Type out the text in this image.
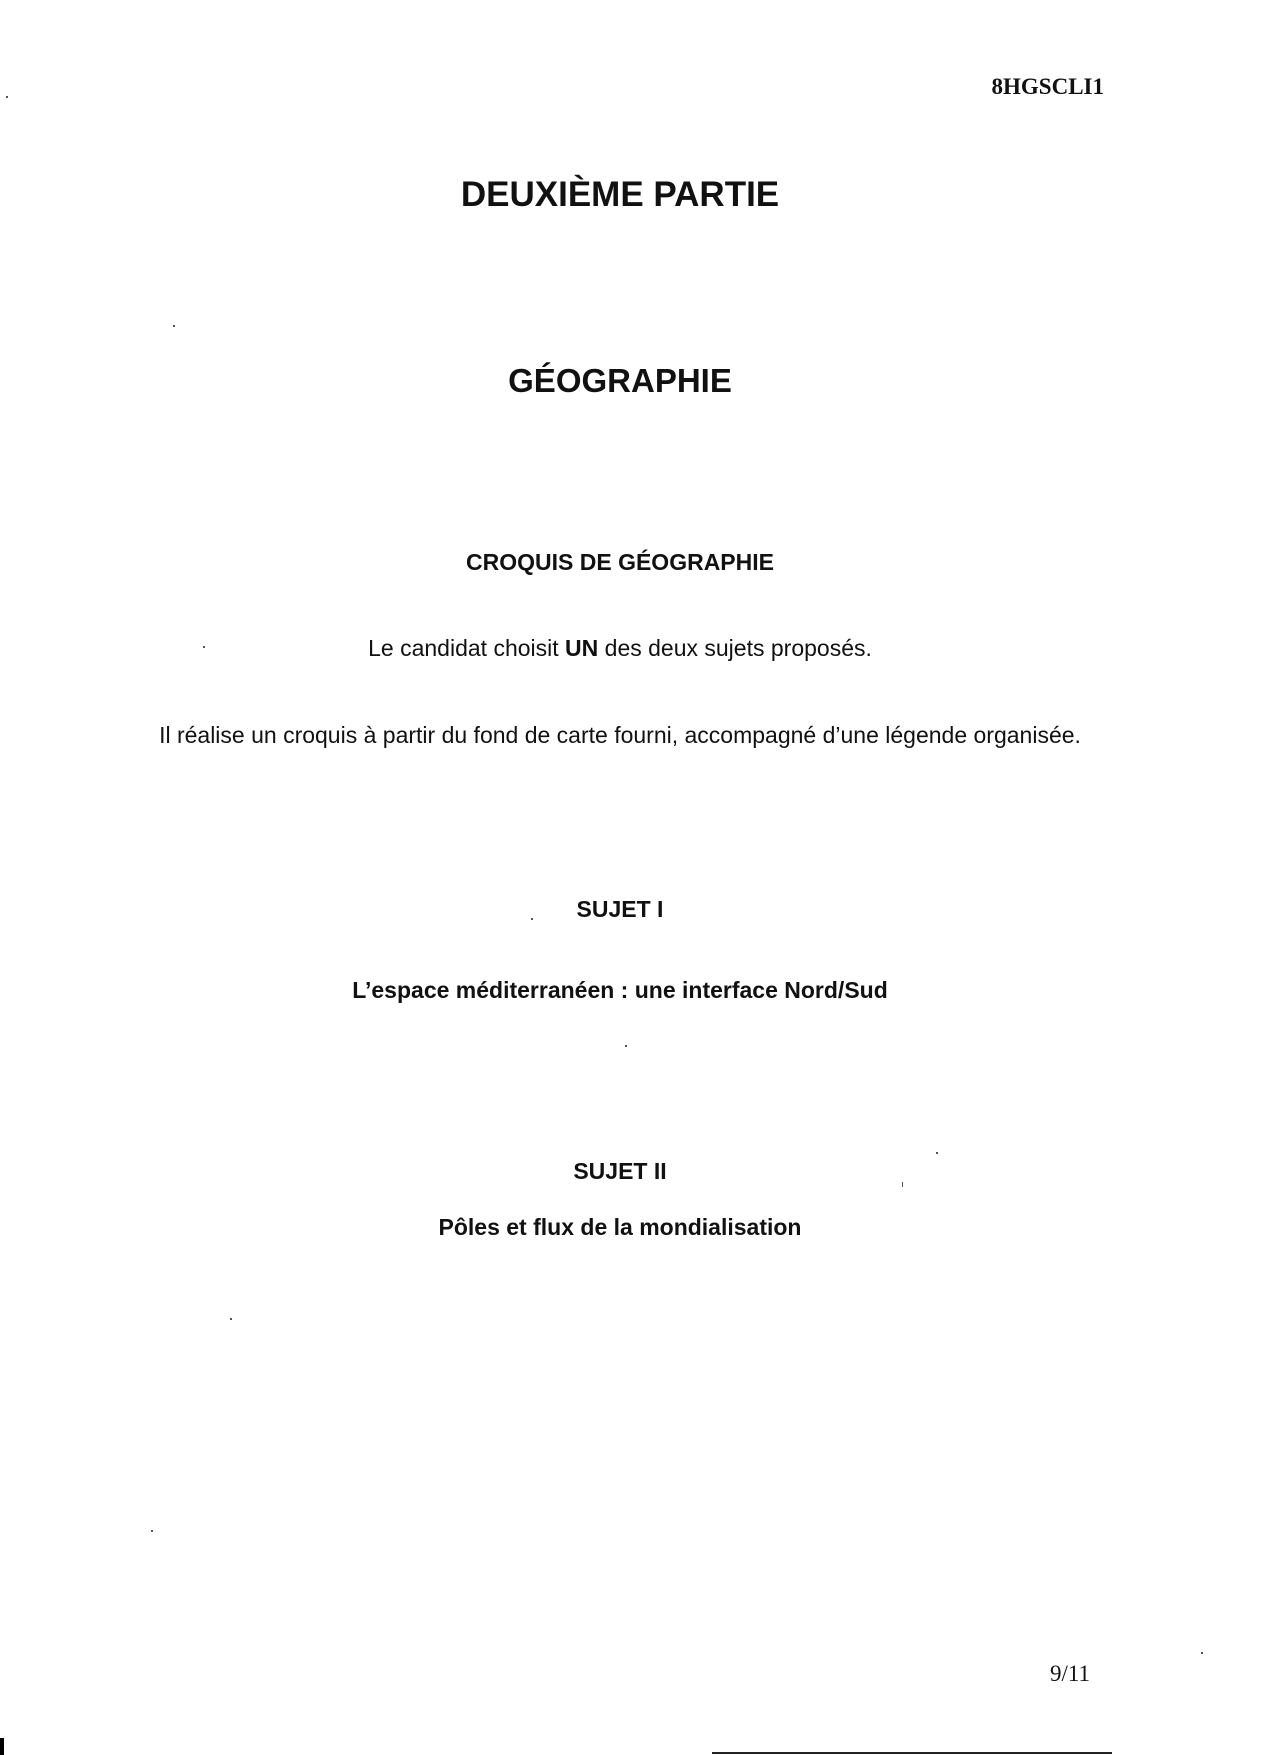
8HGSCLI1
DEUXIÈME PARTIE
GÉOGRAPHIE
CROQUIS DE GÉOGRAPHIE
Le candidat choisit UN des deux sujets proposés.
Il réalise un croquis à partir du fond de carte fourni, accompagné d’une légende organisée.
SUJET I
L’espace méditerranéen : une interface Nord/Sud
SUJET II
Pôles et flux de la mondialisation
9/11
